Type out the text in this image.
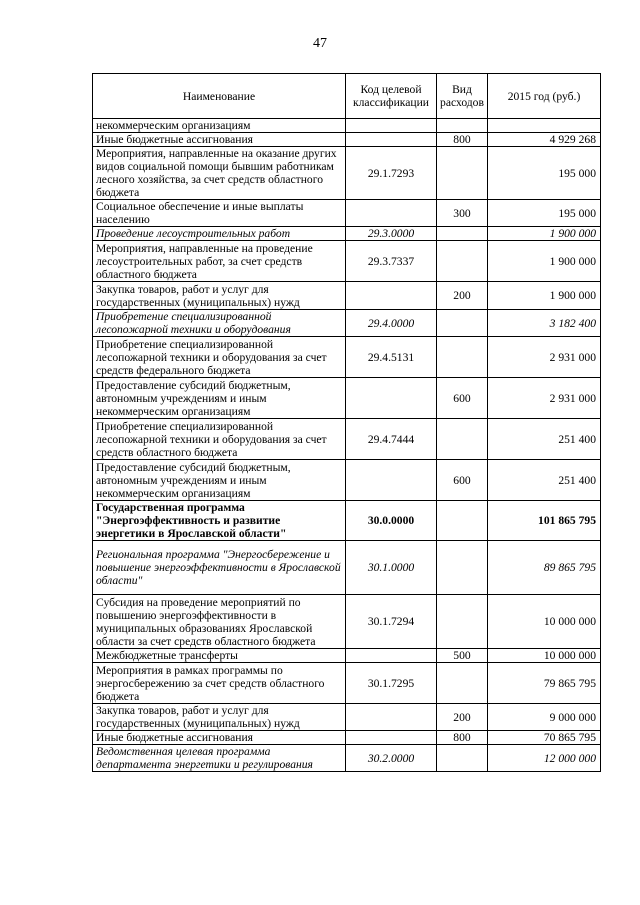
47
Наименование	Код целевой классификации	Вид расходов	2015 год (руб.)
некоммерческим организациям			
Иные бюджетные ассигнования		800	4 929 268
Мероприятия, направленные на оказание других видов социальной помощи бывшим работникам лесного хозяйства, за счет средств областного бюджета	29.1.7293		195 000
Социальное обеспечение и иные выплаты населению		300	195 000
Проведение лесоустроительных работ	29.3.0000		1 900 000
Мероприятия, направленные на проведение лесоустроительных работ, за счет средств областного бюджета	29.3.7337		1 900 000
Закупка товаров, работ и услуг для государственных (муниципальных) нужд		200	1 900 000
Приобретение специализированной лесопожарной техники и оборудования	29.4.0000		3 182 400
Приобретение специализированной лесопожарной техники и оборудования за счет средств федерального бюджета	29.4.5131		2 931 000
Предоставление субсидий бюджетным, автономным учреждениям и иным некоммерческим организациям		600	2 931 000
Приобретение специализированной лесопожарной техники и оборудования за счет средств областного бюджета	29.4.7444		251 400
Предоставление субсидий бюджетным, автономным учреждениям и иным некоммерческим организациям		600	251 400
Государственная программа "Энергоэффективность и развитие энергетики в Ярославской области"	30.0.0000		101 865 795
Региональная программа "Энергосбережение и повышение энергоэффективности в Ярославской области"	30.1.0000		89 865 795
Субсидия на проведение мероприятий по повышению энергоэффективности в муниципальных образованиях Ярославской области за счет средств областного бюджета	30.1.7294		10 000 000
Межбюджетные трансферты		500	10 000 000
Мероприятия в рамках программы по энергосбережению за счет средств областного бюджета	30.1.7295		79 865 795
Закупка товаров, работ и услуг для государственных (муниципальных) нужд		200	9 000 000
Иные бюджетные ассигнования		800	70 865 795
Ведомственная целевая программа департамента энергетики и регулирования	30.2.0000		12 000 000
